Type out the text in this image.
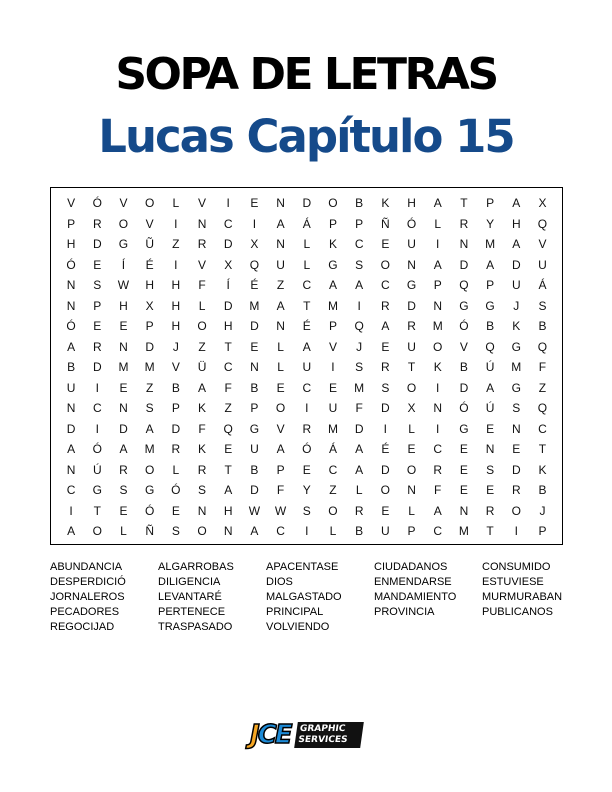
SOPA DE LETRAS
Lucas Capítulo 15
V	Ó	V	O	L	V	I	E	N	D	O	B	K	H	A	T	P	A	X
P	R	O	V	I	N	C	I	A	Á	P	P	Ñ	Ó	L	R	Y	H	Q
H	D	G	Ũ	Z	R	D	X	N	L	K	C	E	U	I	N	M	A	V
Ó	E	Í	É	I	V	X	Q	U	L	G	S	O	N	A	D	A	D	U
N	S	W	H	H	F	Í	É	Z	C	A	A	C	G	P	Q	P	U	Á
N	P	H	X	H	L	D	M	A	T	M	I	R	D	N	G	G	J	S
Ó	E	E	P	H	O	H	D	N	É	P	Q	A	R	M	Ó	B	K	B
A	R	N	D	J	Z	T	E	L	A	V	J	E	U	O	V	Q	G	Q
B	D	M	M	V	Ü	C	N	L	U	I	S	R	T	K	B	Ú	M	F
U	I	E	Z	B	A	F	B	E	C	E	M	S	O	I	D	A	G	Z
N	C	N	S	P	K	Z	P	O	I	U	F	D	X	N	Ó	Ú	S	Q
D	I	D	A	D	F	Q	G	V	R	M	D	I	L	I	G	E	N	C
A	Ó	A	M	R	K	E	U	A	Ó	Á	A	É	E	C	E	N	E	T
N	Ú	R	O	L	R	T	B	P	E	C	A	D	O	R	E	S	D	K
C	G	S	G	Ó	S	A	D	F	Y	Z	L	O	N	F	E	E	R	B
I	T	E	Ó	E	N	H	W	W	S	O	R	E	L	A	N	R	O	J
A	O	L	Ñ	S	O	N	A	C	I	L	B	U	P	C	M	T	I	P
ABUNDANCIA	ALGARROBAS	APACENTASE	CIUDADANOS	CONSUMIDO
DESPERDICIÓ	DILIGENCIA	DIOS	ENMENDARSE	ESTUVIESE
JORNALEROS	LEVANTARÉ	MALGASTADO	MANDAMIENTO	MURMURABAN
PECADORES	PERTENECE	PRINCIPAL	PROVINCIA	PUBLICANOS
REGOCIJAD	TRASPASADO	VOLVIENDO
J C E GRAPHIC
SERVICES
